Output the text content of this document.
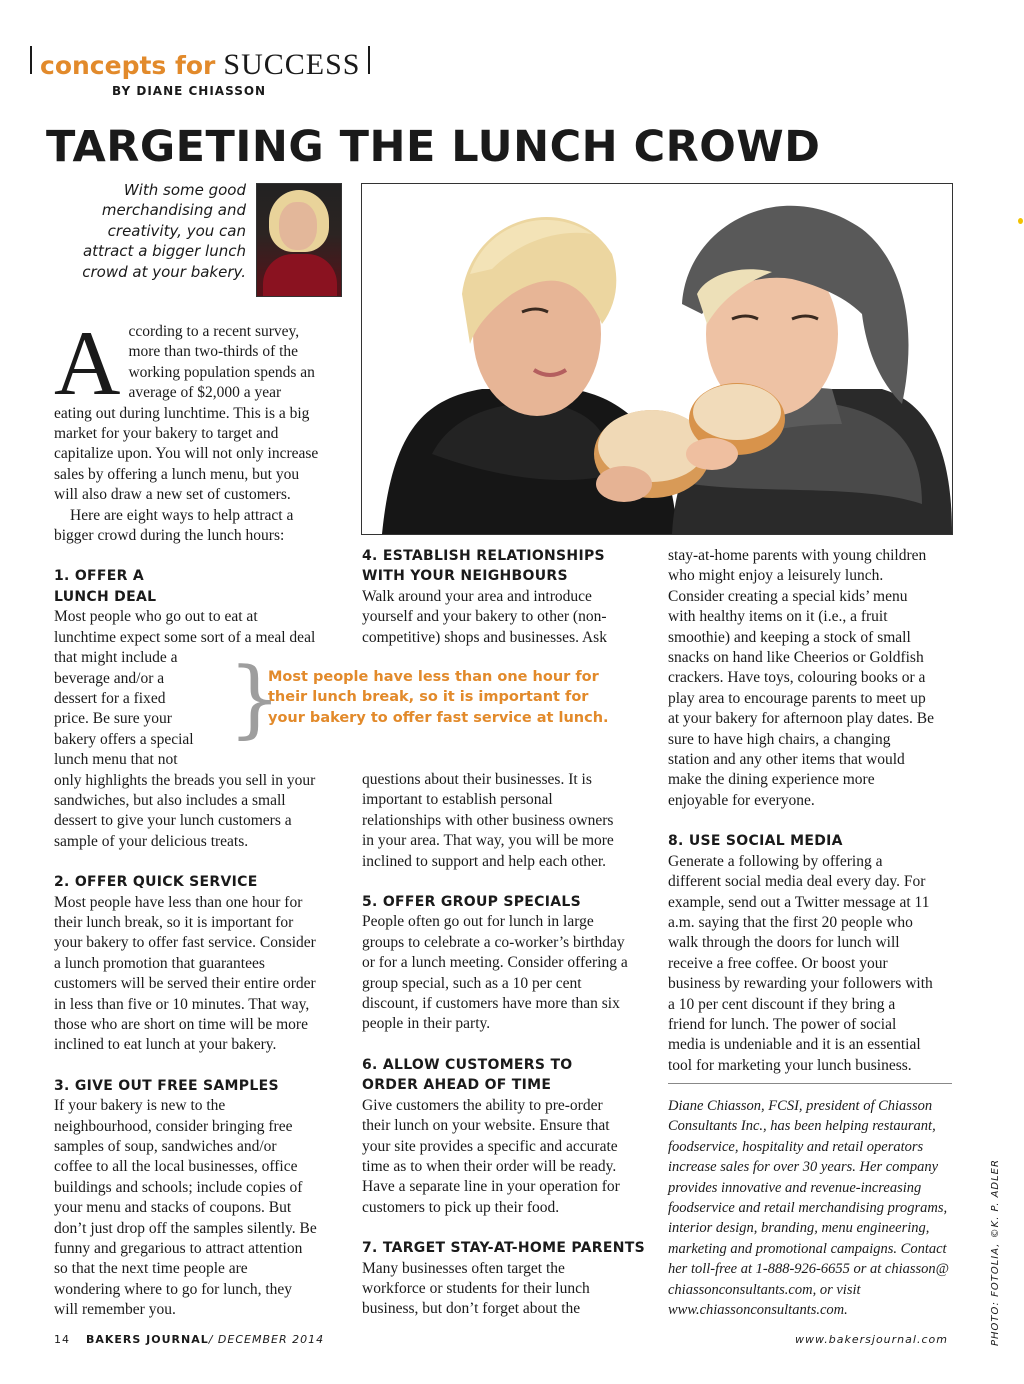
concepts for SUCCESS
BY DIANE CHIASSON
TARGETING THE LUNCH CROWD
With some good
merchandising and
creativity, you can
attract a bigger lunch
crowd at your bakery.
A ccording to a recent survey,
more than two-thirds of the
working population spends an
average of $2,000 a year
eating out during lunchtime. This is a big
market for your bakery to target and
capitalize upon. You will not only increase
sales by offering a lunch menu, but you
will also draw a new set of customers.
Here are eight ways to help attract a
bigger crowd during the lunch hours:
1. OFFER A
LUNCH DEAL
Most people who go out to eat at
lunchtime expect some sort of a meal deal
that might include a
beverage and/or a
dessert for a fixed
price. Be sure your
bakery offers a special
lunch menu that not
only highlights the breads you sell in your
sandwiches, but also includes a small
dessert to give your lunch customers a
sample of your delicious treats.
2. OFFER QUICK SERVICE
Most people have less than one hour for
their lunch break, so it is important for
your bakery to offer fast service. Consider
a lunch promotion that guarantees
customers will be served their entire order
in less than five or 10 minutes. That way,
those who are short on time will be more
inclined to eat lunch at your bakery.
3. GIVE OUT FREE SAMPLES
If your bakery is new to the
neighbourhood, consider bringing free
samples of soup, sandwiches and/or
coffee to all the local businesses, office
buildings and schools; include copies of
your menu and stacks of coupons. But
don’t just drop off the samples silently. Be
funny and gregarious to attract attention
so that the next time people are
wondering where to go for lunch, they
will remember you.
}
Most people have less than one hour for
their lunch break, so it is important for
your bakery to offer fast service at lunch.
4. ESTABLISH RELATIONSHIPS
WITH YOUR NEIGHBOURS
Walk around your area and introduce
yourself and your bakery to other (non-
competitive) shops and businesses. Ask
questions about their businesses. It is
important to establish personal
relationships with other business owners
in your area. That way, you will be more
inclined to support and help each other.
5. OFFER GROUP SPECIALS
People often go out for lunch in large
groups to celebrate a co-worker’s birthday
or for a lunch meeting. Consider offering a
group special, such as a 10 per cent
discount, if customers have more than six
people in their party.
6. ALLOW CUSTOMERS TO
ORDER AHEAD OF TIME
Give customers the ability to pre-order
their lunch on your website. Ensure that
your site provides a specific and accurate
time as to when their order will be ready.
Have a separate line in your operation for
customers to pick up their food.
7. TARGET STAY-AT-HOME PARENTS
Many businesses often target the
workforce or students for their lunch
business, but don’t forget about the
stay-at-home parents with young children
who might enjoy a leisurely lunch.
Consider creating a special kids’ menu
with healthy items on it (i.e., a fruit
smoothie) and keeping a stock of small
snacks on hand like Cheerios or Goldfish
crackers. Have toys, colouring books or a
play area to encourage parents to meet up
at your bakery for afternoon play dates. Be
sure to have high chairs, a changing
station and any other items that would
make the dining experience more
enjoyable for everyone.
8. USE SOCIAL MEDIA
Generate a following by offering a
different social media deal every day. For
example, send out a Twitter message at 11
a.m. saying that the first 20 people who
walk through the doors for lunch will
receive a free coffee. Or boost your
business by rewarding your followers with
a 10 per cent discount if they bring a
friend for lunch. The power of social
media is undeniable and it is an essential
tool for marketing your lunch business.
Diane Chiasson, FCSI, president of Chiasson
Consultants Inc., has been helping restaurant,
foodservice, hospitality and retail operators
increase sales for over 30 years. Her company
provides innovative and revenue-increasing
foodservice and retail merchandising programs,
interior design, branding, menu engineering,
marketing and promotional campaigns. Contact
her toll-free at 1-888-926-6655 or at chiasson@
chiassonconsultants.com, or visit
www.chiassonconsultants.com.	PHOTO: FOTOLIA, ©K. P. ADLER
14 BAKERS JOURNAL/ DECEMBER 2014	www.bakersjournal.com
